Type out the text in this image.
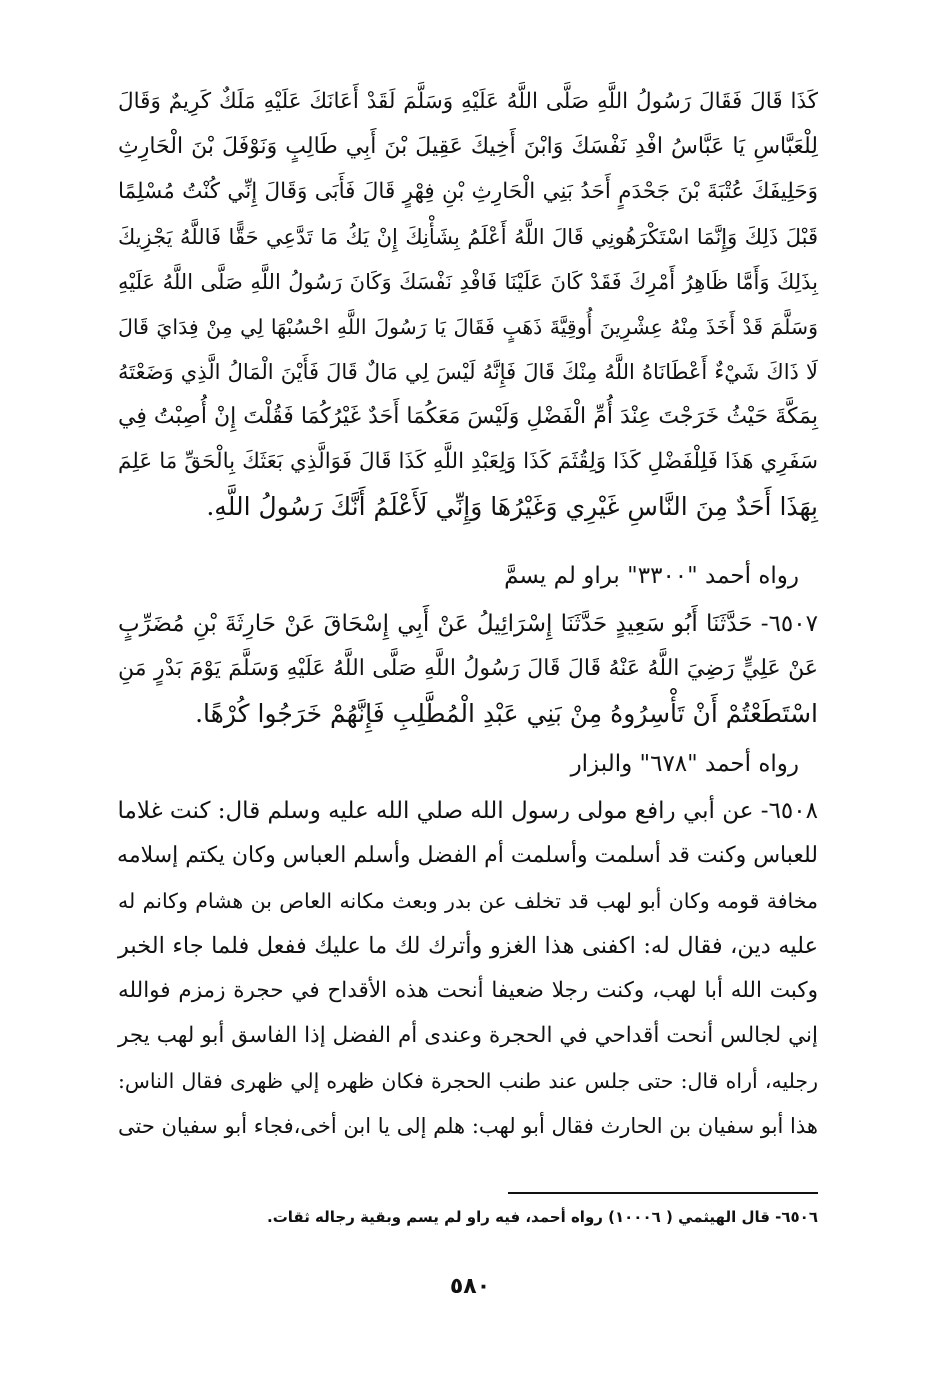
كَذَا قَالَ فَقَالَ رَسُولُ اللَّهِ صَلَّى اللَّهُ عَلَيْهِ وَسَلَّمَ لَقَدْ أَعَانَكَ عَلَيْهِ مَلَكٌ كَرِيمٌ وَقَالَ
لِلْعَبَّاسِ يَا عَبَّاسُ افْدِ نَفْسَكَ وَابْنَ أَخِيكَ عَقِيلَ بْنَ أَبِي طَالِبٍ وَنَوْفَلَ بْنَ الْحَارِثِ
وَحَلِيفَكَ عُتْبَةَ بْنَ جَحْدَمٍ أَحَدُ بَنِي الْحَارِثِ بْنِ فِهْرٍ قَالَ فَأَبَى وَقَالَ إِنِّي كُنْتُ مُسْلِمًا
قَبْلَ ذَلِكَ وَإِنَّمَا اسْتَكْرَهُونِي قَالَ اللَّهُ أَعْلَمُ بِشَأْنِكَ إِنْ يَكُ مَا تَدَّعِي حَقًّا فَاللَّهُ يَجْزِيكَ
بِذَلِكَ وَأَمَّا ظَاهِرُ أَمْرِكَ فَقَدْ كَانَ عَلَيْنَا فَافْدِ نَفْسَكَ وَكَانَ رَسُولُ اللَّهِ صَلَّى اللَّهُ عَلَيْهِ
وَسَلَّمَ قَدْ أَخَذَ مِنْهُ عِشْرِينَ أُوقِيَّةَ ذَهَبٍ فَقَالَ يَا رَسُولَ اللَّهِ احْسُبْهَا لِي مِنْ فِدَايَ قَالَ
لَا ذَاكَ شَيْءٌ أَعْطَانَاهُ اللَّهُ مِنْكَ قَالَ فَإِنَّهُ لَيْسَ لِي مَالٌ قَالَ فَأَيْنَ الْمَالُ الَّذِي وَضَعْتَهُ
بِمَكَّةَ حَيْثُ خَرَجْتَ عِنْدَ أُمِّ الْفَضْلِ وَلَيْسَ مَعَكُمَا أَحَدٌ غَيْرُكُمَا فَقُلْتَ إِنْ أُصِبْتُ فِي
سَفَرِي هَذَا فَلِلْفَضْلِ كَذَا وَلِقُثَمَ كَذَا وَلِعَبْدِ اللَّهِ كَذَا قَالَ فَوَالَّذِي بَعَثَكَ بِالْحَقِّ مَا عَلِمَ
بِهَذَا أَحَدٌ مِنَ النَّاسِ غَيْرِي وَغَيْرُهَا وَإِنِّي لَأَعْلَمُ أَنَّكَ رَسُولُ اللَّهِ.
رواه أحمد "٣٣٠٠" براو لم يسمَّ
٦٥٠٧- حَدَّثَنَا أَبُو سَعِيدٍ حَدَّثَنَا إِسْرَائِيلُ عَنْ أَبِي إِسْحَاقَ عَنْ حَارِثَةَ بْنِ مُضَرِّبٍ
عَنْ عَلِيٍّ رَضِيَ اللَّهُ عَنْهُ قَالَ قَالَ رَسُولُ اللَّهِ صَلَّى اللَّهُ عَلَيْهِ وَسَلَّمَ يَوْمَ بَدْرٍ مَنِ
اسْتَطَعْتُمْ أَنْ تَأْسِرُوهُ مِنْ بَنِي عَبْدِ الْمُطَّلِبِ فَإِنَّهُمْ خَرَجُوا كُرْهًا.
رواه أحمد "٦٧٨" والبزار
٦٥٠٨- عن أبي رافع مولى رسول الله صلي الله عليه وسلم قال: كنت غلاما
للعباس وكنت قد أسلمت وأسلمت أم الفضل وأسلم العباس وكان يكتم إسلامه
مخافة قومه وكان أبو لهب قد تخلف عن بدر وبعث مكانه العاص بن هشام وكانم له
عليه دين، فقال له: اكفنى هذا الغزو وأترك لك ما عليك ففعل فلما جاء الخبر
وكبت الله أبا لهب، وكنت رجلا ضعيفا أنحت هذه الأقداح في حجرة زمزم فوالله
إني لجالس أنحت أقداحي في الحجرة وعندى أم الفضل إذا الفاسق أبو لهب يجر
رجليه، أراه قال: حتى جلس عند طنب الحجرة فكان ظهره إلي ظهرى فقال الناس:
هذا أبو سفيان بن الحارث فقال أبو لهب: هلم إلى يا ابن أخى،فجاء أبو سفيان حتى
٦٥٠٦- قال الهيثمي ( ١٠٠٠٦) رواه أحمد، فيه راو لم يسم وبقية رجاله ثقات.
٥٨٠
